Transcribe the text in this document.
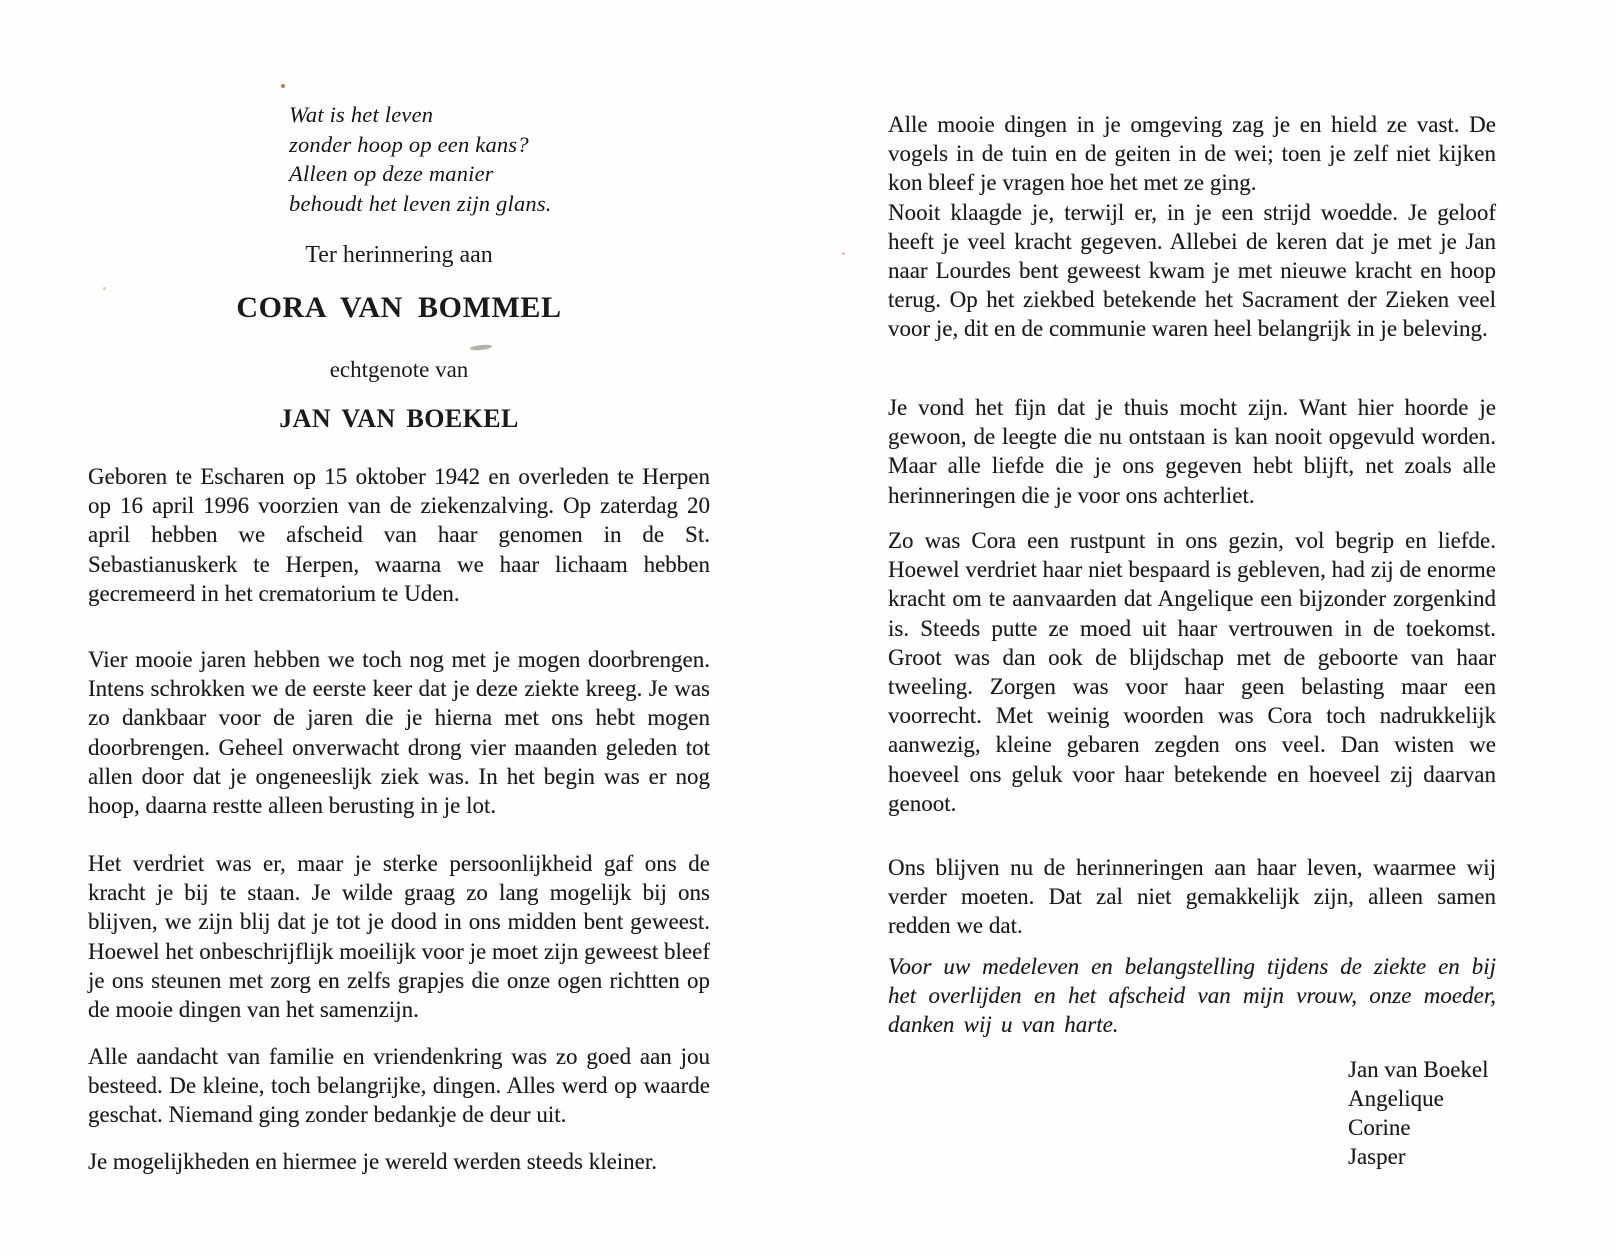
Wat is het leven
zonder hoop op een kans?
Alleen op deze manier
behoudt het leven zijn glans.
Ter herinnering aan
CORA VAN BOMMEL
echtgenote van
JAN VAN BOEKEL

Geboren te Escharen op 15 oktober 1942 en overleden te Herpen op 16 april 1996 voorzien van de ziekenzalving. Op zaterdag 20 april hebben we afscheid van haar genomen in de St. Sebastianuskerk te Herpen, waarna we haar lichaam hebben gecremeerd in het crematorium te Uden.

Vier mooie jaren hebben we toch nog met je mogen doorbrengen. Intens schrokken we de eerste keer dat je deze ziekte kreeg. Je was zo dankbaar voor de jaren die je hierna met ons hebt mogen doorbrengen. Geheel onverwacht drong vier maanden geleden tot allen door dat je ongeneeslijk ziek was. In het begin was er nog hoop, daarna restte alleen berusting in je lot.

Het verdriet was er, maar je sterke persoonlijkheid gaf ons de kracht je bij te staan. Je wilde graag zo lang mogelijk bij ons blijven, we zijn blij dat je tot je dood in ons midden bent geweest. Hoewel het onbeschrijflijk moeilijk voor je moet zijn geweest bleef je ons steunen met zorg en zelfs grapjes die onze ogen richtten op de mooie dingen van het samenzijn.

Alle aandacht van familie en vriendenkring was zo goed aan jou besteed. De kleine, toch belangrijke, dingen. Alles werd op waarde geschat. Niemand ging zonder bedankje de deur uit.

Je mogelijkheden en hiermee je wereld werden steeds kleiner.

Alle mooie dingen in je omgeving zag je en hield ze vast. De vogels in de tuin en de geiten in de wei; toen je zelf niet kijken kon bleef je vragen hoe het met ze ging.

Nooit klaagde je, terwijl er, in je een strijd woedde. Je geloof heeft je veel kracht gegeven. Allebei de keren dat je met je Jan naar Lourdes bent geweest kwam je met nieuwe kracht en hoop terug. Op het ziekbed betekende het Sacrament der Zieken veel voor je, dit en de communie waren heel belangrijk in je beleving.

Je vond het fijn dat je thuis mocht zijn. Want hier hoorde je gewoon, de leegte die nu ontstaan is kan nooit opgevuld worden. Maar alle liefde die je ons gegeven hebt blijft, net zoals alle herinneringen die je voor ons achterliet.

Zo was Cora een rustpunt in ons gezin, vol begrip en liefde. Hoewel verdriet haar niet bespaard is gebleven, had zij de enorme kracht om te aanvaarden dat Angelique een bijzonder zorgenkind is. Steeds putte ze moed uit haar vertrouwen in de toekomst. Groot was dan ook de blijdschap met de geboorte van haar tweeling. Zorgen was voor haar geen belasting maar een voorrecht. Met weinig woorden was Cora toch nadrukkelijk aanwezig, kleine gebaren zegden ons veel. Dan wisten we hoeveel ons geluk voor haar betekende en hoeveel zij daarvan genoot.

Ons blijven nu de herinneringen aan haar leven, waarmee wij verder moeten. Dat zal niet gemakkelijk zijn, alleen samen redden we dat.

Voor uw medeleven en belangstelling tijdens de ziekte en bij het overlijden en het afscheid van mijn vrouw, onze moeder, danken wij u van harte.

Jan van Boekel
Angelique
Corine
Jasper
